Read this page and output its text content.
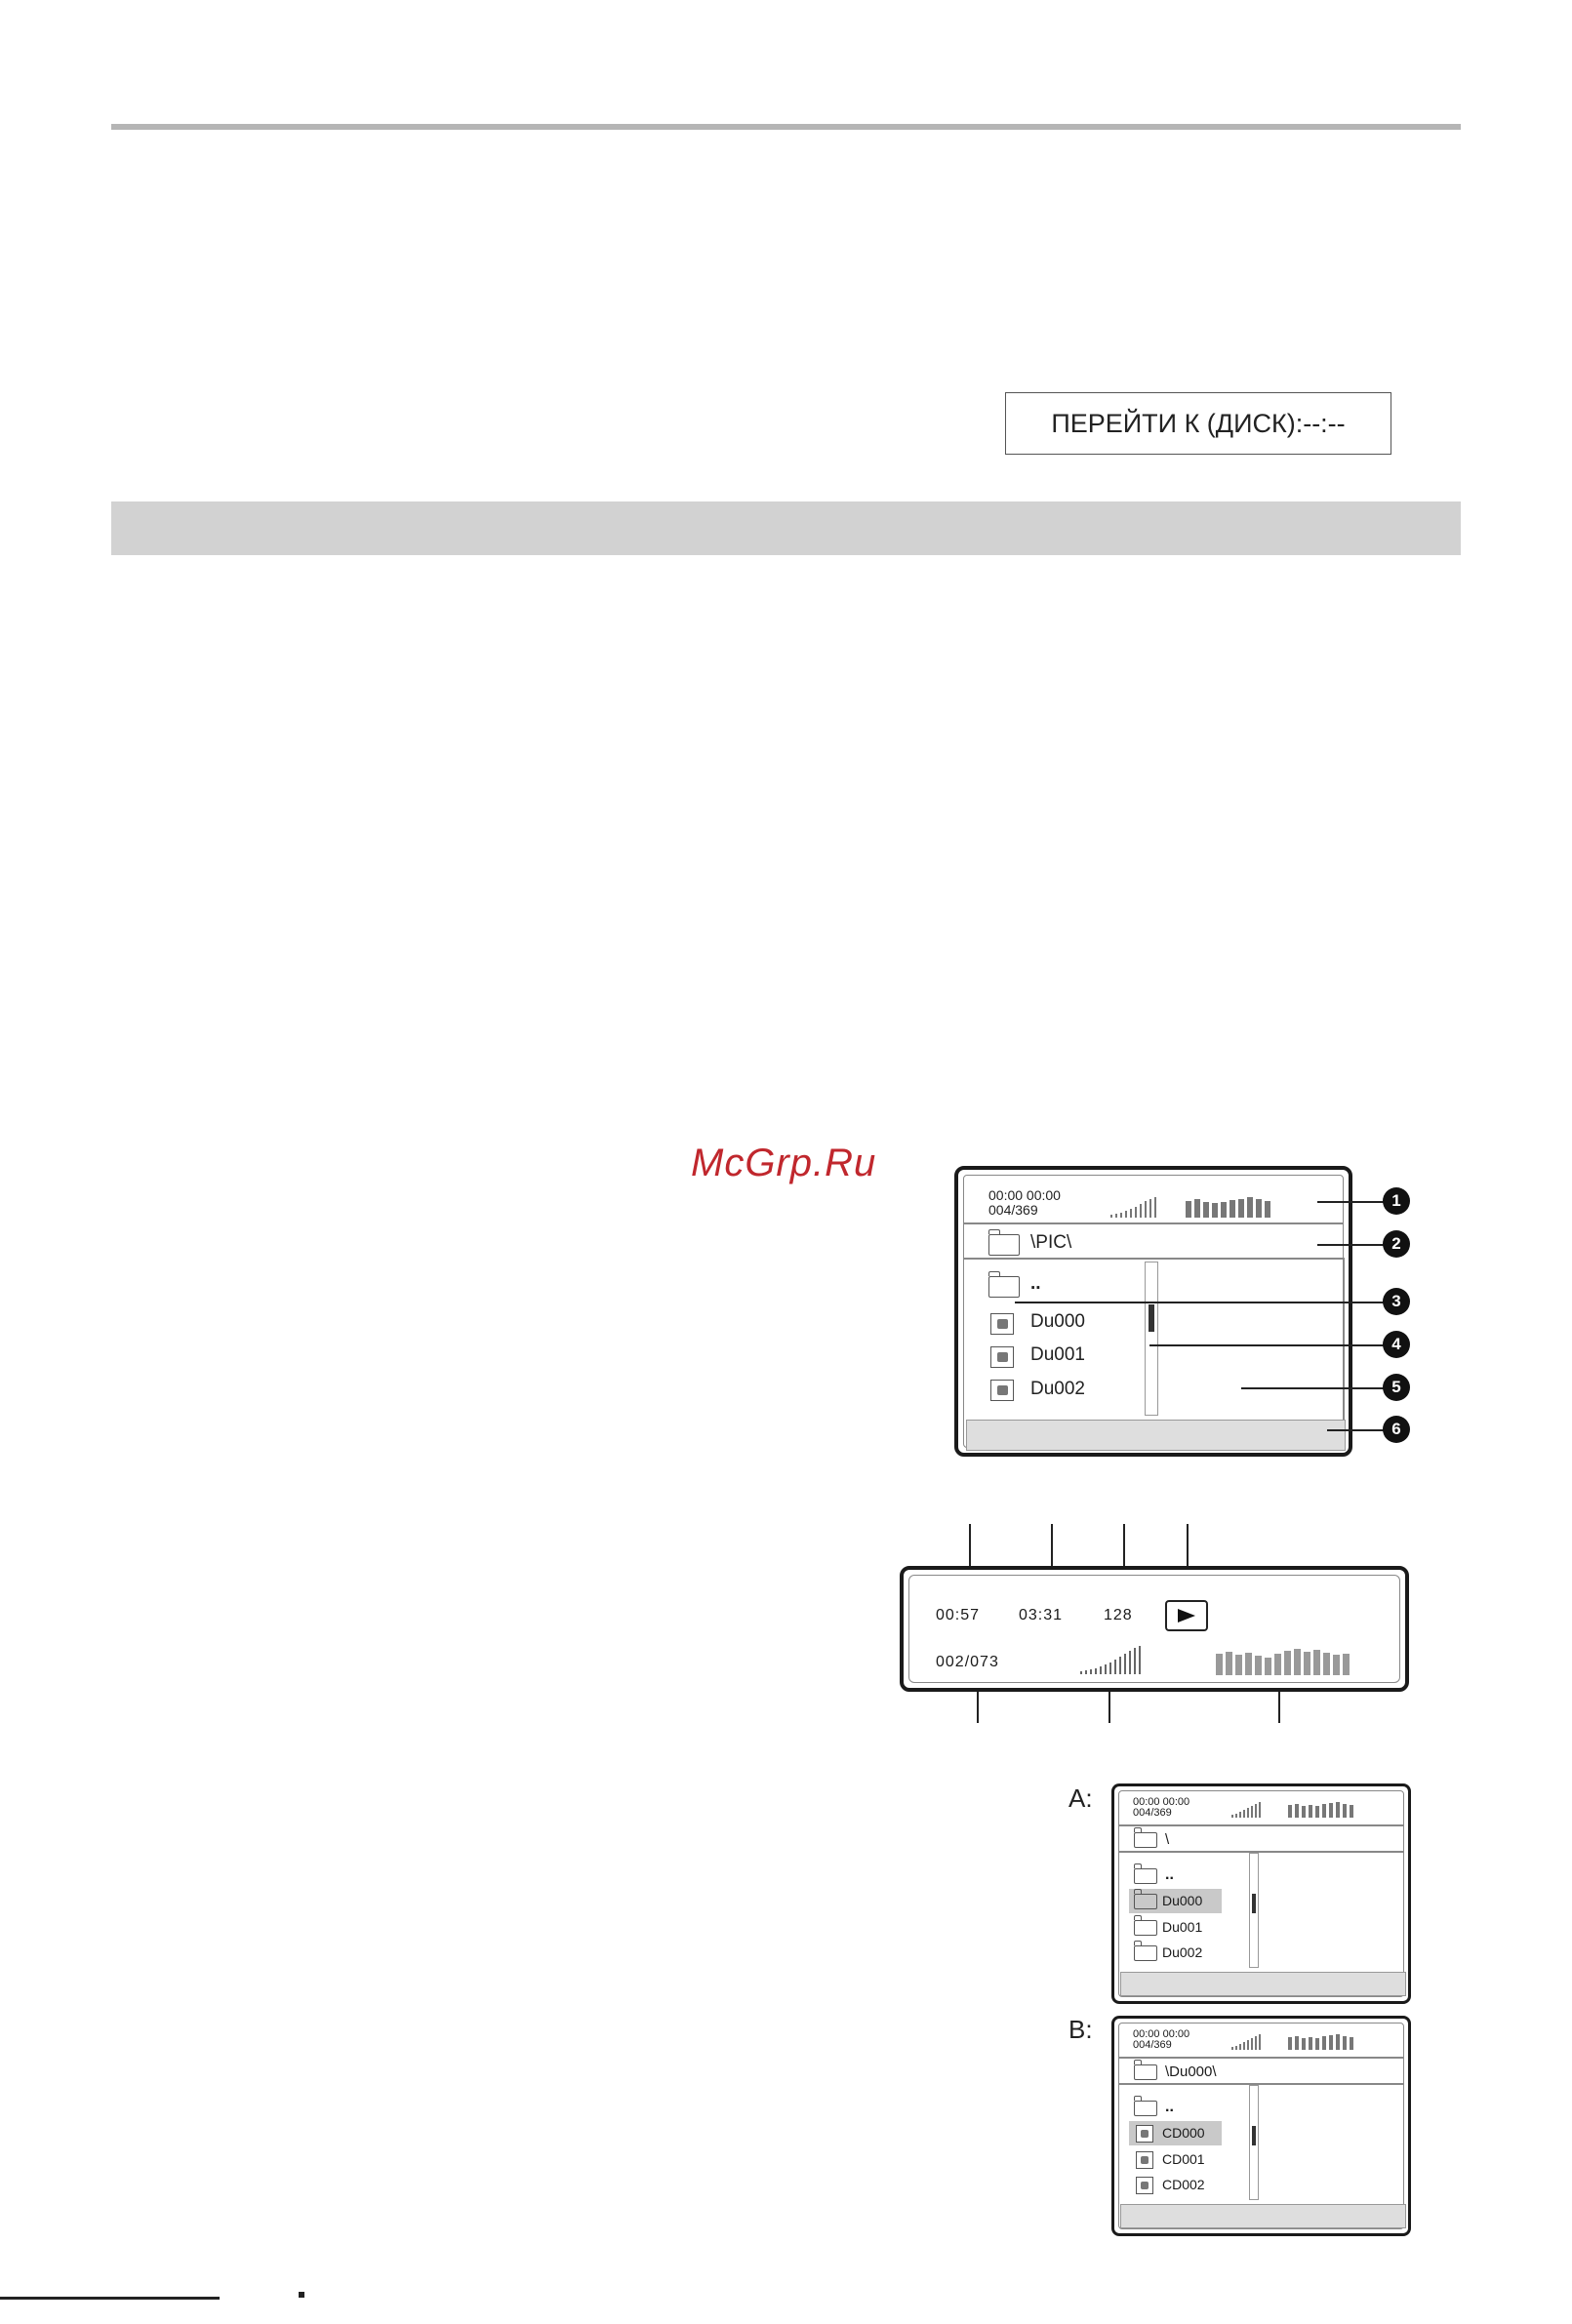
ПЕРЕЙТИ К (ДИСК):--:--
McGrp.Ru
00:00 00:00
004/369
\PIC\
..
Du000
Du001
Du002
1
2
3
4
5
6
00:57 03:31	128
002/073
A:	00:00 00:00
004/369
\
..
Du000
Du001
Du002
B:	00:00 00:00
004/369
\Du000\
..
CD000
CD001
CD002
